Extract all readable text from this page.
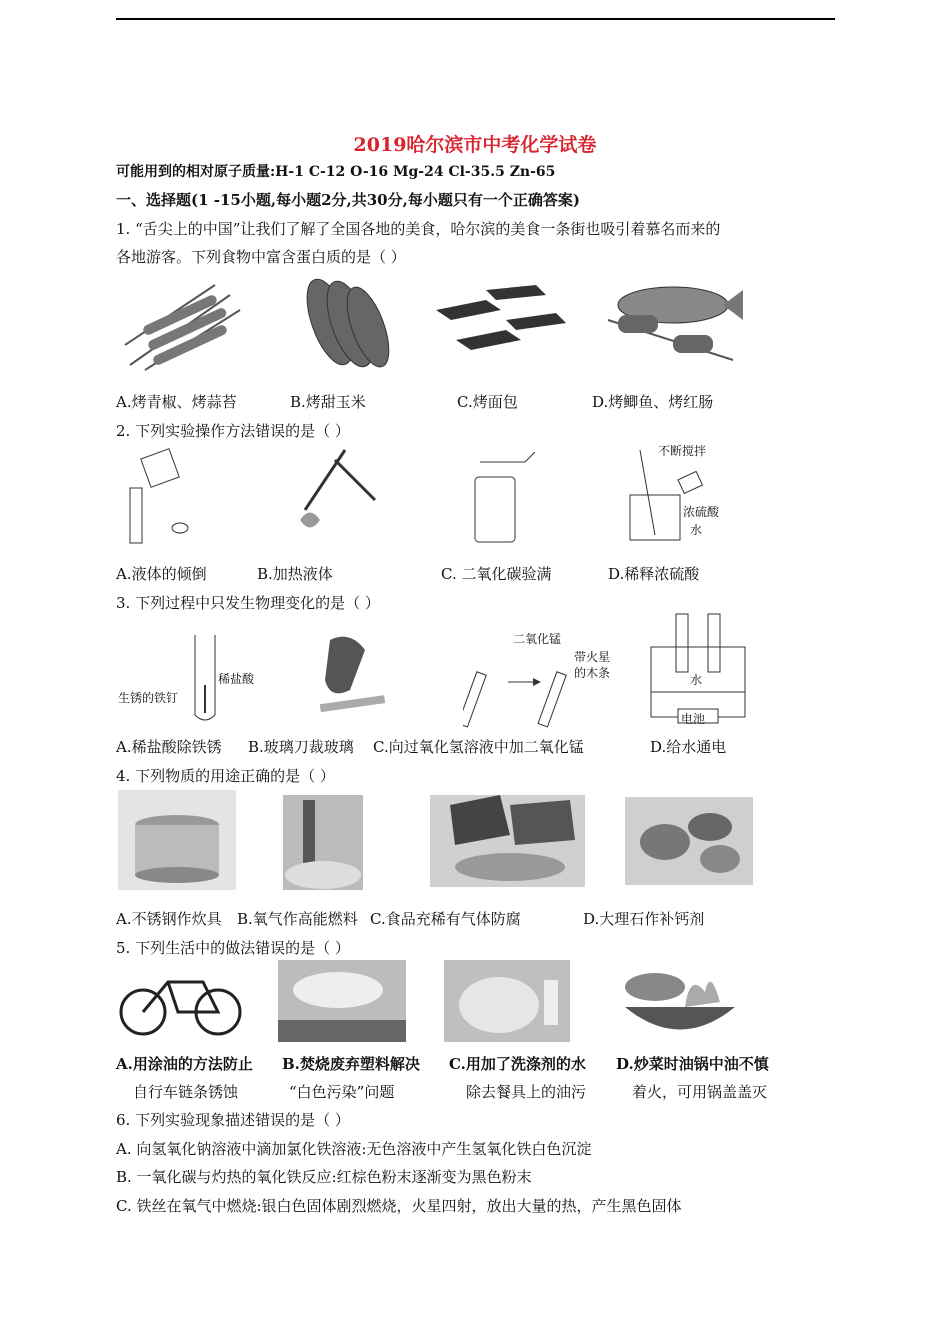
2019哈尔滨市中考化学试卷
可能用到的相对原子质量:H-1 C-12 O-16 Mg-24 Cl-35.5 Zn-65
一、选择题(1 -15小题,每小题2分,共30分,每小题只有一个正确答案)
1. “舌尖上的中国”让我们了解了全国各地的美食，哈尔滨的美食一条街也吸引着慕名而来的
各地游客。下列食物中富含蛋白质的是（ ）
A.烤青椒、烤蒜苔	B.烤甜玉米	C.烤面包	D.烤鲫鱼、烤红肠
2. 下列实验操作方法错误的是（ ）
不断搅拌
浓硫酸
水
A.液体的倾倒	B.加热液体	C. 二氧化碳验满	D.稀释浓硫酸
3. 下列过程中只发生物理变化的是（ ）
稀盐酸
生锈的铁钉
二氧化锰
带火星
的木条	水
电池
A.稀盐酸除铁锈 B.玻璃刀裁玻璃 C.向过氧化氢溶液中加二氧化锰	D.给水通电
4. 下列物质的用途正确的是（ ）
A.不锈钢作炊具 B.氧气作高能燃料 C.食品充稀有气体防腐	D.大理石作补钙剂
5. 下列生活中的做法错误的是（ ）
A.用涂油的方法防止 B.焚烧废弃塑料解决 C.用加了洗涤剂的水 D.炒菜时油锅中油不慎
自行车链条锈蚀	“白色污染”问题	除去餐具上的油污	着火，可用锅盖盖灭
6. 下列实验现象描述错误的是（ ）
A. 向氢氧化钠溶液中滴加氯化铁溶液:无色溶液中产生氢氧化铁白色沉淀
B. 一氧化碳与灼热的氧化铁反应:红棕色粉末逐渐变为黑色粉末
C. 铁丝在氧气中燃烧:银白色固体剧烈燃烧，火星四射，放出大量的热，产生黑色固体
